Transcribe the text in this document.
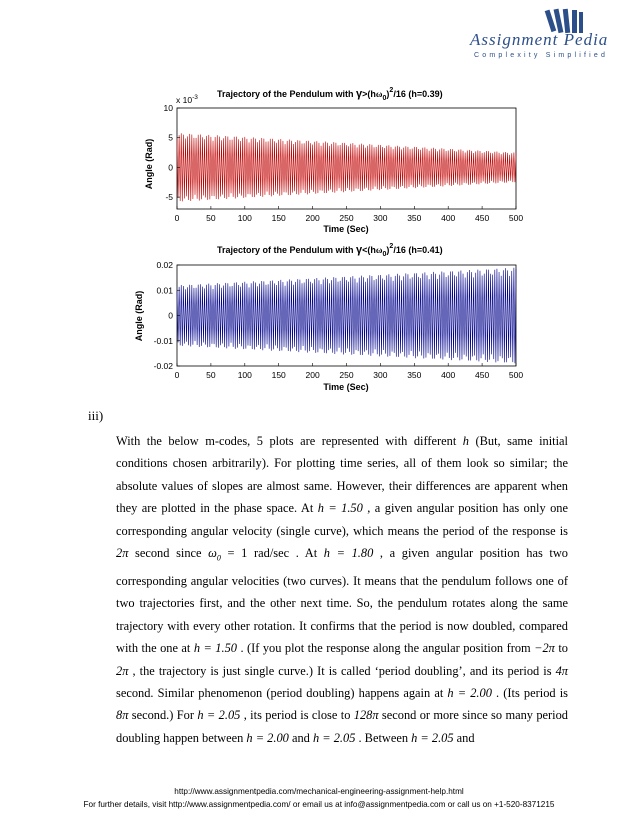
Assignment Pedia
Complexity Simplified
Trajectory of the Pendulum with $\gamma>(h\omega_0)^2/16$ (h=0.39)
x $10^{-3}$
0	50	100 150 200 250 300 350 400 450 500
-5
0
5
10
Time (Sec)
Angle (Rad)
Trajectory of the Pendulum with $\gamma<(h\omega_0)^2/16$ (h=0.41)
0	50	100 150 200 250 300 350 400 450 500
-0.02
-0.01
0
0.01
0.02
Time (Sec)
Angle (Rad)
iii)

With the below m-codes, 5 plots are represented with different h (But, same initial conditions chosen arbitrarily). For plotting time series, all of them look so similar; the absolute values of slopes are almost same. However, their differences are apparent when they are plotted in the phase space. At h = 1.50 , a given angular position has only one corresponding angular velocity (single curve), which means the period of the response is 2π second since $\omega_0 = 1$ rad/sec . At h = 1.80 , a given angular position has two corresponding angular velocities (two curves). It means that the pendulum follows one of two trajectories first, and the other next time. So, the pendulum rotates along the same trajectory with every other rotation. It confirms that the period is now doubled, compared with the one at h = 1.50 . (If you plot the response along the angular position from −2π to 2π , the trajectory is just single curve.) It is called ‘period doubling’, and its period is 4π second. Similar phenomenon (period doubling) happens again at h = 2.00 . (Its period is 8π second.) For h = 2.05 , its period is close to 128π second or more since so many period doubling happen between h = 2.00 and h = 2.05 . Between h = 2.05 and

http://www.assignmentpedia.com/mechanical-engineering-assignment-help.html
For further details, visit http://www.assignmentpedia.com/ or email us at info@assignmentpedia.com or call us on +1-520-8371215
